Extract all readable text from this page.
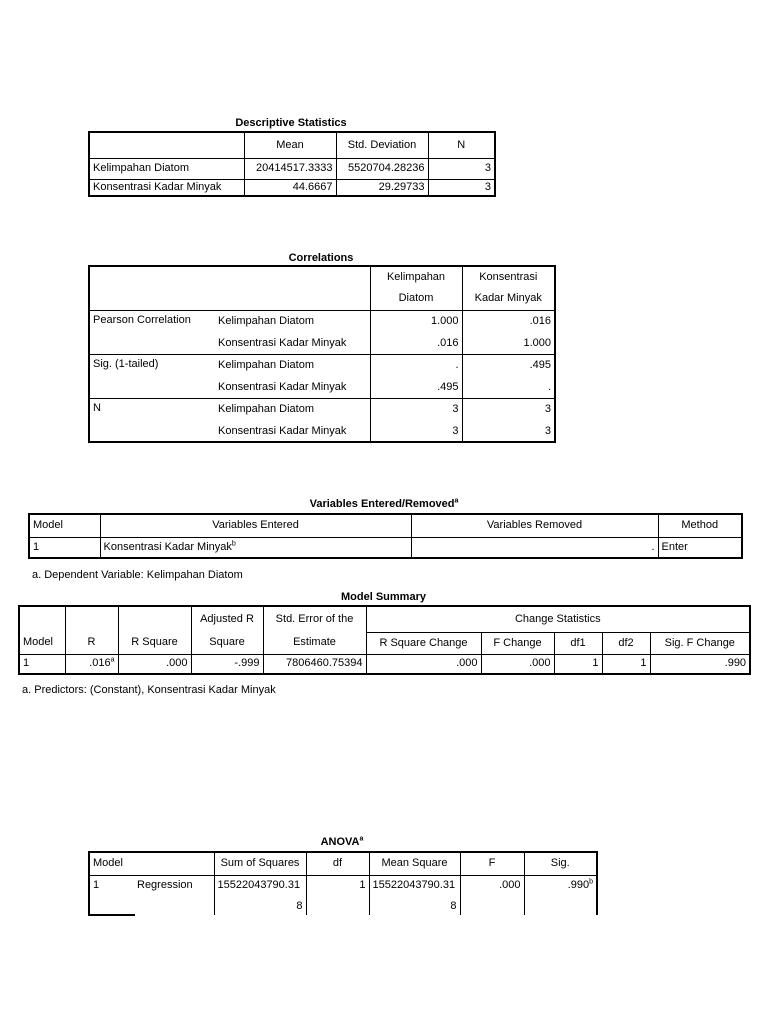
Descriptive Statistics
	Mean	Std. Deviation	N
Kelimpahan Diatom	20414517.3333	5520704.28236	3
Konsentrasi Kadar Minyak	44.6667	29.29733	3
Correlations
		Kelimpahan	Konsentrasi
		Diatom	Kadar Minyak
Pearson Correlation	Kelimpahan Diatom	1.000	.016
	Konsentrasi Kadar Minyak	.016	1.000
Sig. (1-tailed)	Kelimpahan Diatom	.	.495
	Konsentrasi Kadar Minyak	.495	.
N	Kelimpahan Diatom	3	3
	Konsentrasi Kadar Minyak	3	3
Variables Entered/Removed$^a$
Model	Variables Entered	Variables Removed	Method
1	Konsentrasi Kadar Minyak$^b$	.	Enter
a. Dependent Variable: Kelimpahan Diatom
Model Summary
			Adjusted R	Std. Error of the	Change Statistics				
Model	R	R Square	Square	Estimate	R Square Change	F Change	df1	df2	Sig. F Change
1	.016$^a$	.000	-.999	7806460.75394	.000	.000	1	1	.990
a. Predictors: (Constant), Konsentrasi Kadar Minyak
ANOVA$^a$
Model		Sum of Squares	df	Mean Square	F	Sig.
1	Regression	15522043790.31	1	15522043790.31	.000	.990$^b$
		8		8		
